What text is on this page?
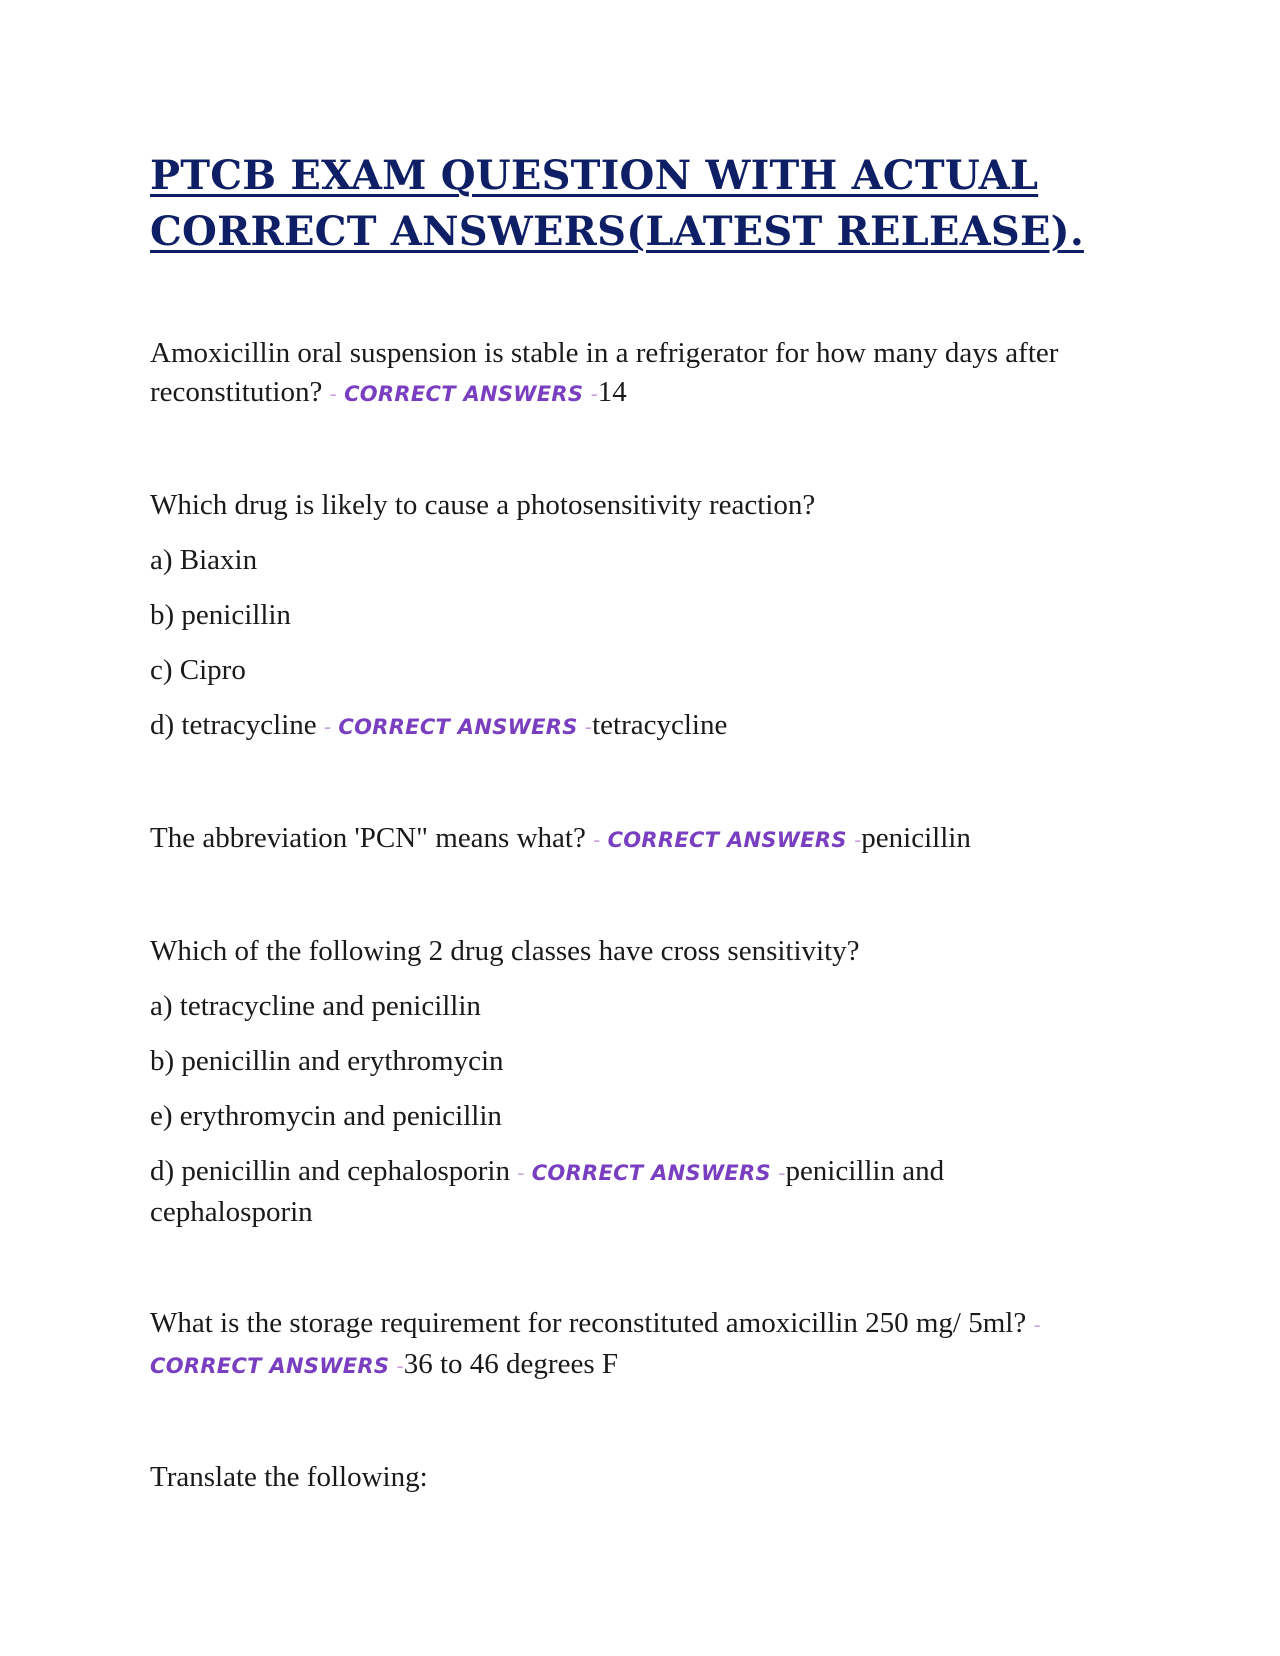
PTCB EXAM QUESTION WITH ACTUAL CORRECT ANSWERS(LATEST RELEASE).

Amoxicillin oral suspension is stable in a refrigerator for how many days after reconstitution? - CORRECT ANSWERS -14

Which drug is likely to cause a photosensitivity reaction?

a) Biaxin

b) penicillin

c) Cipro

d) tetracycline - CORRECT ANSWERS -tetracycline

The abbreviation 'PCN" means what? - CORRECT ANSWERS -penicillin

Which of the following 2 drug classes have cross sensitivity?

a) tetracycline and penicillin

b) penicillin and erythromycin

e) erythromycin and penicillin

d) penicillin and cephalosporin - CORRECT ANSWERS -penicillin and cephalosporin

What is the storage requirement for reconstituted amoxicillin 250 mg/ 5ml? - CORRECT ANSWERS -36 to 46 degrees F

Translate the following:
